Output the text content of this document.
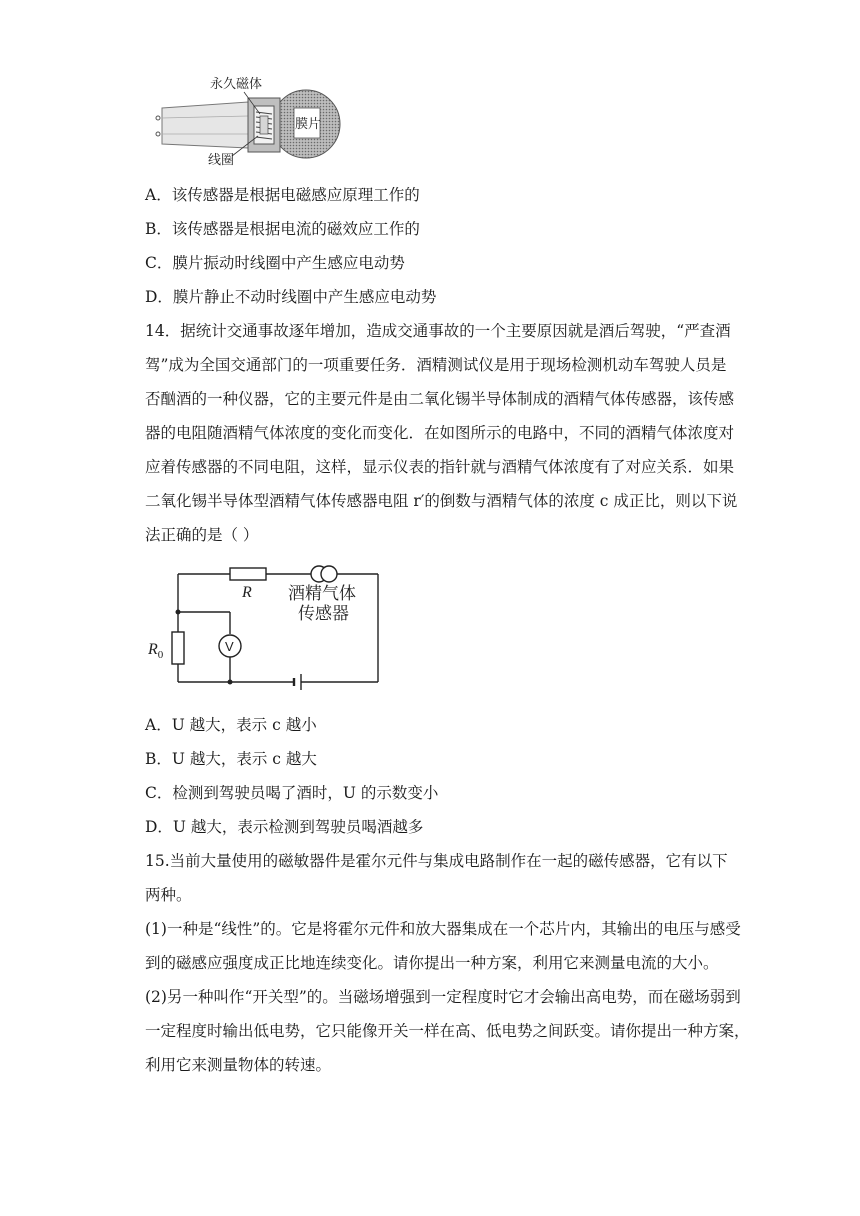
永久磁体
线圈
膜片
A．该传感器是根据电磁感应原理工作的
B．该传感器是根据电流的磁效应工作的
C．膜片振动时线圈中产生感应电动势
D．膜片静止不动时线圈中产生感应电动势
14．据统计交通事故逐年增加，造成交通事故的一个主要原因就是酒后驾驶，“严查酒
驾”成为全国交通部门的一项重要任务．酒精测试仪是用于现场检测机动车驾驶人员是
否酗酒的一种仪器，它的主要元件是由二氧化锡半导体制成的酒精气体传感器，该传感
器的电阻随酒精气体浓度的变化而变化．在如图所示的电路中，不同的酒精气体浓度对
应着传感器的不同电阻，这样，显示仪表的指针就与酒精气体浓度有了对应关系．如果
二氧化锡半导体型酒精气体传感器电阻 r′的倒数与酒精气体的浓度 c 成正比，则以下说
法正确的是（ ）
R
$R_0$
V
酒精气体
传感器
A．U 越大，表示 c 越小
B．U 越大，表示 c 越大
C．检测到驾驶员喝了酒时，U 的示数变小
D．U 越大，表示检测到驾驶员喝酒越多
15.当前大量使用的磁敏器件是霍尔元件与集成电路制作在一起的磁传感器，它有以下
两种。
(1)一种是“线性”的。它是将霍尔元件和放大器集成在一个芯片内，其输出的电压与感受
到的磁感应强度成正比地连续变化。请你提出一种方案，利用它来测量电流的大小。
(2)另一种叫作“开关型”的。当磁场增强到一定程度时它才会输出高电势，而在磁场弱到
一定程度时输出低电势，它只能像开关一样在高、低电势之间跃变。请你提出一种方案，
利用它来测量物体的转速。
